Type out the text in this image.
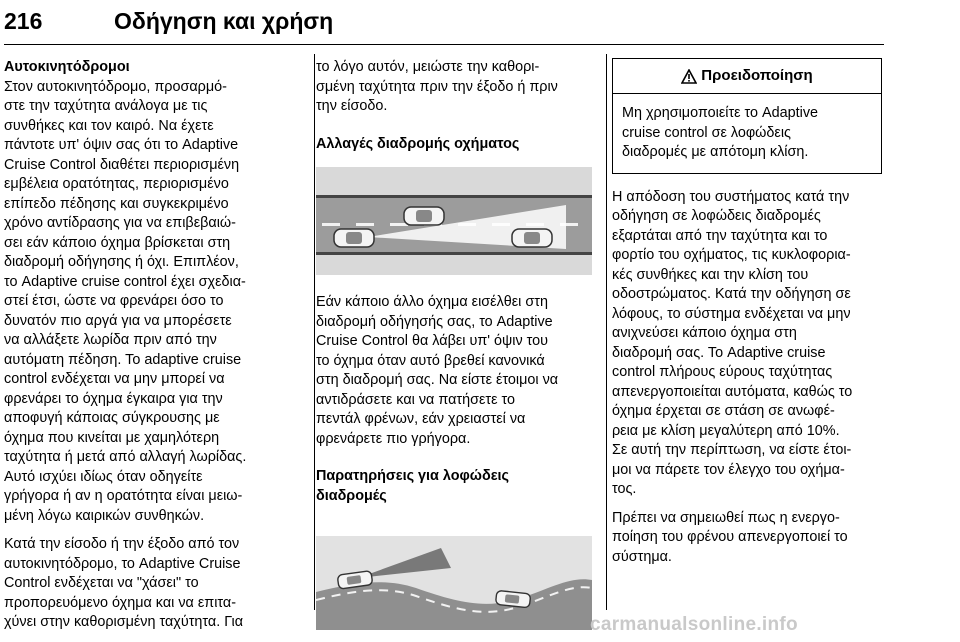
216	Οδήγηση και χρήση

Αυτοκινητόδρομοι

Στον αυτοκινητόδρομο, προσαρμό-
στε την ταχύτητα ανάλογα με τις
συνθήκες και τον καιρό. Να έχετε
πάντοτε υπ' όψιν σας ότι το Adaptive
Cruise Control διαθέτει περιορισμένη
εμβέλεια ορατότητας, περιορισμένο
επίπεδο πέδησης και συγκεκριμένο
χρόνο αντίδρασης για να επιβεβαιώ-
σει εάν κάποιο όχημα βρίσκεται στη
διαδρομή οδήγησης ή όχι. Επιπλέον,
το Adaptive cruise control έχει σχεδια-
στεί έτσι, ώστε να φρενάρει όσο το
δυνατόν πιο αργά για να μπορέσετε
να αλλάξετε λωρίδα πριν από την
αυτόματη πέδηση. Το adaptive cruise
control ενδέχεται να μην μπορεί να
φρενάρει το όχημα έγκαιρα για την
αποφυγή κάποιας σύγκρουσης με
όχημα που κινείται με χαμηλότερη
ταχύτητα ή μετά από αλλαγή λωρίδας.
Αυτό ισχύει ιδίως όταν οδηγείτε
γρήγορα ή αν η ορατότητα είναι μειω-
μένη λόγω καιρικών συνθηκών.

Κατά την είσοδο ή την έξοδο από τον
αυτοκινητόδρομο, το Adaptive Cruise
Control ενδέχεται να "χάσει" το
προπορευόμενο όχημα και να επιτα-
χύνει στην καθορισμένη ταχύτητα. Για

το λόγο αυτόν, μειώστε την καθορι-
σμένη ταχύτητα πριν την έξοδο ή πριν
την είσοδο.

Αλλαγές διαδρομής οχήματος

Εάν κάποιο άλλο όχημα εισέλθει στη
διαδρομή οδήγησής σας, το Adaptive
Cruise Control θα λάβει υπ' όψιν του
το όχημα όταν αυτό βρεθεί κανονικά
στη διαδρομή σας. Να είστε έτοιμοι να
αντιδράσετε και να πατήσετε το
πεντάλ φρένων, εάν χρειαστεί να
φρενάρετε πιο γρήγορα.

Παρατηρήσεις για λοφώδεις
διαδρομές

Προειδοποίηση
Μη χρησιμοποιείτε το Adaptive
cruise control σε λοφώδεις
διαδρομές με απότομη κλίση.

Η απόδοση του συστήματος κατά την
οδήγηση σε λοφώδεις διαδρομές
εξαρτάται από την ταχύτητα και το
φορτίο του οχήματος, τις κυκλοφορια-
κές συνθήκες και την κλίση του
οδοστρώματος. Κατά την οδήγηση σε
λόφους, το σύστημα ενδέχεται να μην
ανιχνεύσει κάποιο όχημα στη
διαδρομή σας. Το Adaptive cruise
control πλήρους εύρους ταχύτητας
απενεργοποιείται αυτόματα, καθώς το
όχημα έρχεται σε στάση σε ανωφέ-
ρεια με κλίση μεγαλύτερη από 10%.
Σε αυτή την περίπτωση, να είστε έτοι-
μοι να πάρετε τον έλεγχο του οχήμα-
τος.

Πρέπει να σημειωθεί πως η ενεργο-
ποίηση του φρένου απενεργοποιεί το
σύστημα.

carmanualsonline.info
